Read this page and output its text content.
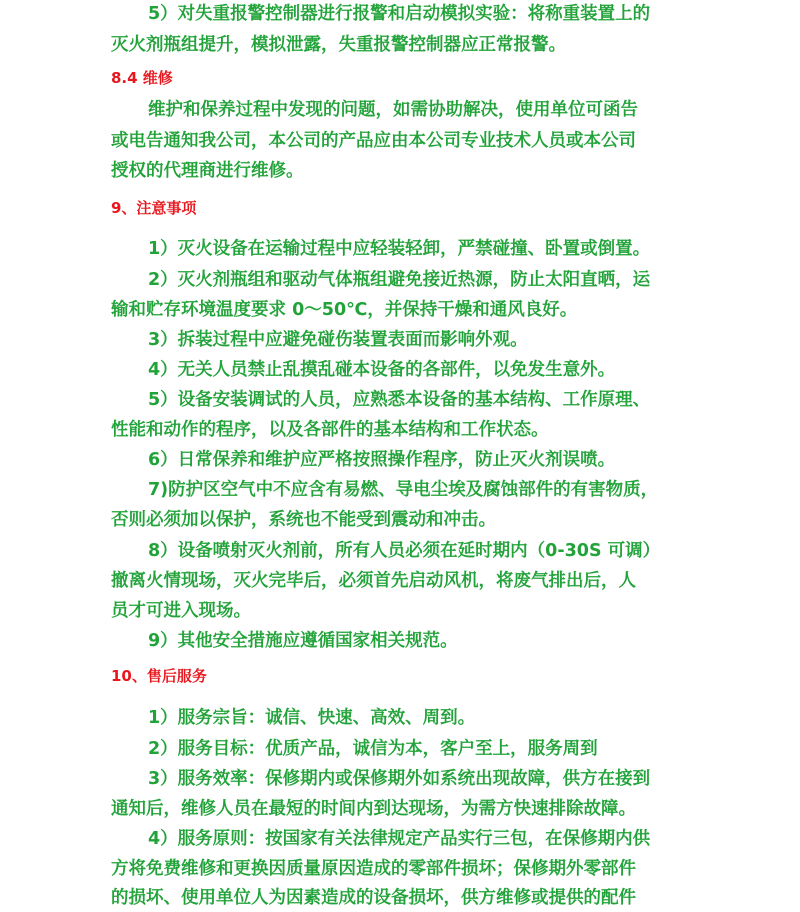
5）对失重报警控制器进行报警和启动模拟实验：将称重装置上的
灭火剂瓶组提升，模拟泄露，失重报警控制器应正常报警。
8.4 维修
维护和保养过程中发现的问题，如需协助解决，使用单位可函告
或电告通知我公司，本公司的产品应由本公司专业技术人员或本公司
授权的代理商进行维修。
9、注意事项
1）灭火设备在运输过程中应轻装轻卸，严禁碰撞、卧置或倒置。
2）灭火剂瓶组和驱动气体瓶组避免接近热源，防止太阳直晒，运
输和贮存环境温度要求 0～50℃，并保持干燥和通风良好。
3）拆装过程中应避免碰伤装置表面而影响外观。
4）无关人员禁止乱摸乱碰本设备的各部件，以免发生意外。
5）设备安装调试的人员，应熟悉本设备的基本结构、工作原理、
性能和动作的程序，以及各部件的基本结构和工作状态。
6）日常保养和维护应严格按照操作程序，防止灭火剂误喷。
7)防护区空气中不应含有易燃、导电尘埃及腐蚀部件的有害物质，
否则必须加以保护，系统也不能受到震动和冲击。
8）设备喷射灭火剂前，所有人员必须在延时期内（0-30S 可调）
撤离火情现场，灭火完毕后，必须首先启动风机，将废气排出后，人
员才可进入现场。
9）其他安全措施应遵循国家相关规范。
10、售后服务
1）服务宗旨：诚信、快速、高效、周到。
2）服务目标：优质产品，诚信为本，客户至上，服务周到
3）服务效率：保修期内或保修期外如系统出现故障，供方在接到
通知后，维修人员在最短的时间内到达现场，为需方快速排除故障。
4）服务原则：按国家有关法律规定产品实行三包，在保修期内供
方将免费维修和更换因质量原因造成的零部件损坏；保修期外零部件
的损坏、使用单位人为因素造成的设备损坏，供方维修或提供的配件
